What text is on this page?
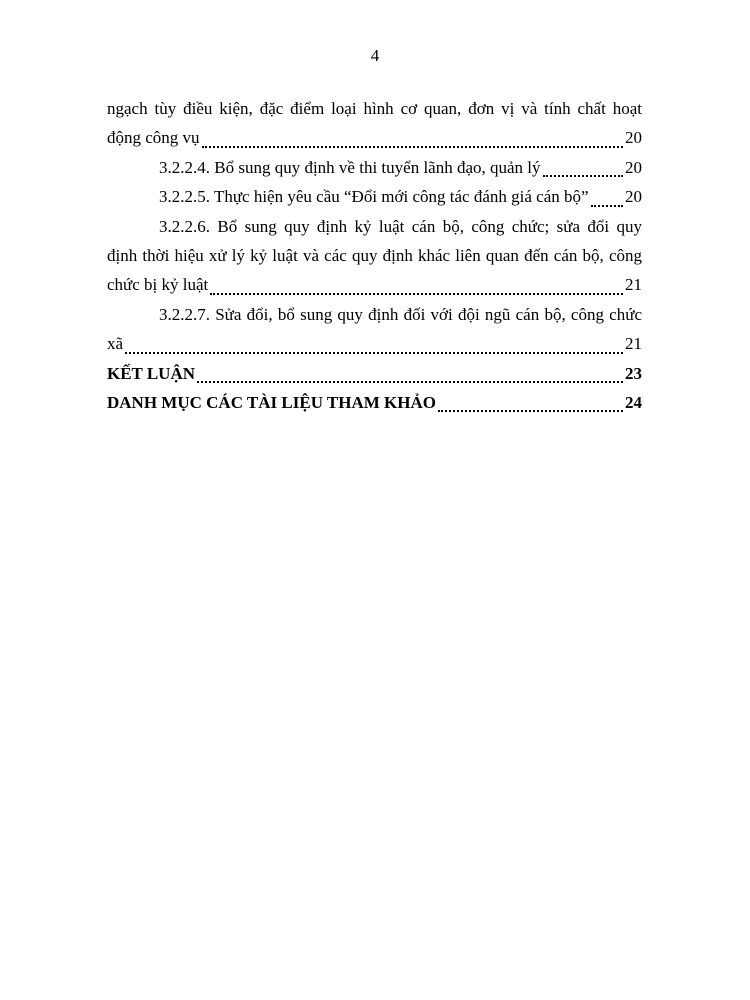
4
ngạch tùy điều kiện, đặc điểm loại hình cơ quan, đơn vị và tính chất hoạt
động công vụ	20
3.2.2.4. Bổ sung quy định về thi tuyển lãnh đạo, quản lý	20
3.2.2.5. Thực hiện yêu cầu “Đổi mới công tác đánh giá cán bộ” 20
3.2.2.6. Bổ sung quy định kỷ luật cán bộ, công chức; sửa đổi quy
định thời hiệu xử lý kỷ luật và các quy định khác liên quan đến cán bộ, công
chức bị kỷ luật	21
3.2.2.7. Sửa đổi, bổ sung quy định đối với đội ngũ cán bộ, công chức
xã	21
KẾT LUẬN	23
DANH MỤC CÁC TÀI LIỆU THAM KHẢO	24
